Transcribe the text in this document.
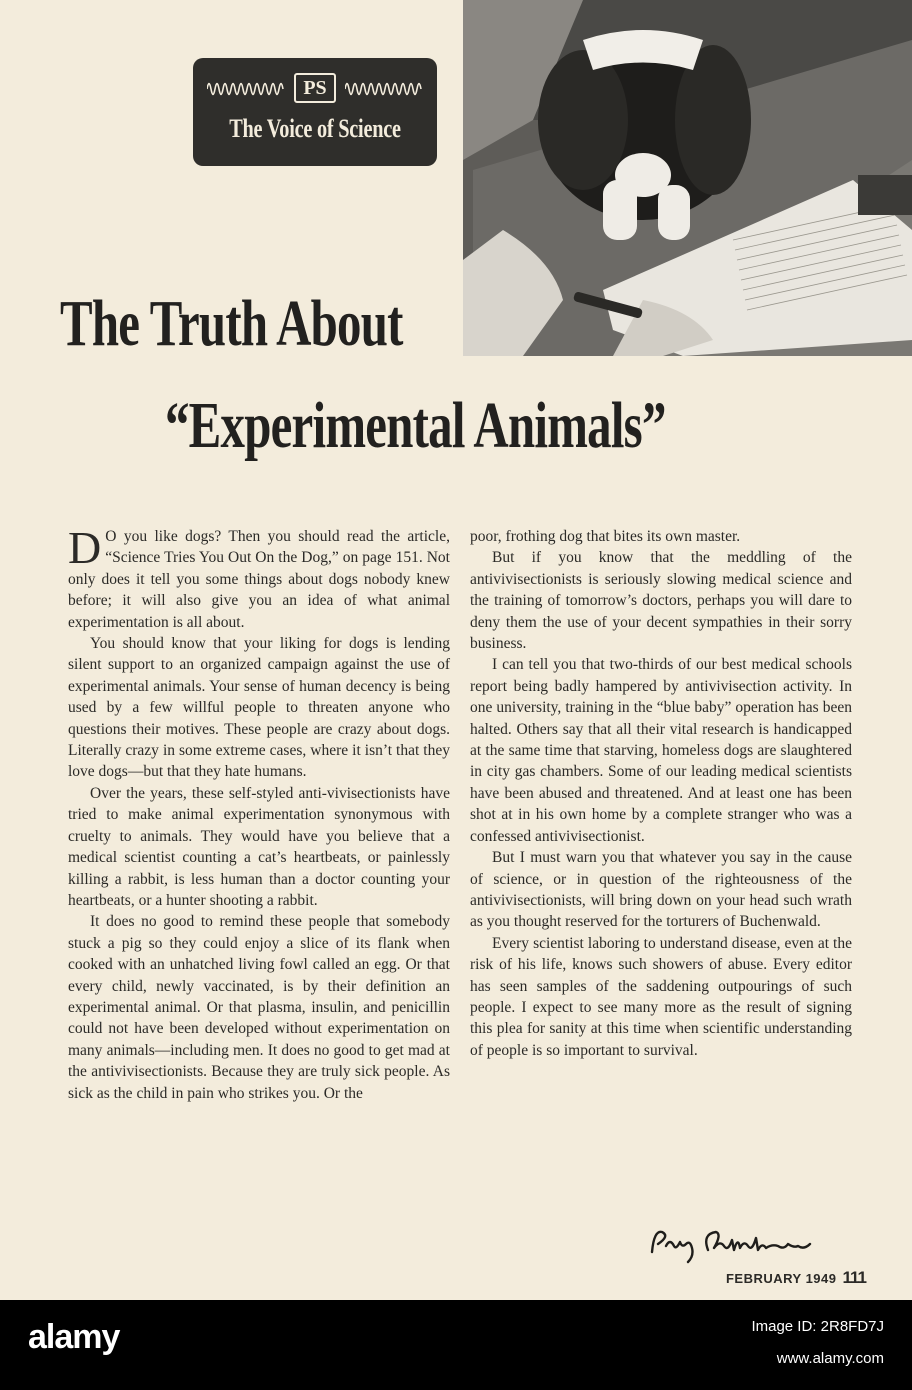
PS
The Voice of Science
The Truth About
“Experimental Animals”

D O you like dogs? Then you should read the article, “Science Tries You Out On the Dog,” on page 151. Not only does it tell you some things about dogs nobody knew before; it will also give you an idea of what animal experimentation is all about.

You should know that your liking for dogs is lending silent support to an organized campaign against the use of experimental animals. Your sense of human decency is being used by a few willful people to threaten anyone who questions their motives. These people are crazy about dogs. Literally crazy in some extreme cases, where it isn’t that they love dogs—but that they hate humans.

Over the years, these self-styled anti-vivisectionists have tried to make animal experimentation synonymous with cruelty to animals. They would have you believe that a medical scientist counting a cat’s heartbeats, or painlessly killing a rabbit, is less human than a doctor counting your heartbeats, or a hunter shooting a rabbit.

It does no good to remind these people that somebody stuck a pig so they could enjoy a slice of its flank when cooked with an unhatched living fowl called an egg. Or that every child, newly vaccinated, is by their definition an experimental animal. Or that plasma, insulin, and penicillin could not have been developed without experimentation on many animals—including men. It does no good to get mad at the antivivisectionists. Because they are truly sick people. As sick as the child in pain who strikes you. Or the

poor, frothing dog that bites its own master.

But if you know that the meddling of the antivivisectionists is seriously slowing medical science and the training of tomorrow’s doctors, perhaps you will dare to deny them the use of your decent sympathies in their sorry business.

I can tell you that two-thirds of our best medical schools report being badly hampered by antivivisection activity. In one university, training in the “blue baby” operation has been halted. Others say that all their vital research is handicapped at the same time that starving, homeless dogs are slaughtered in city gas chambers. Some of our leading medical scientists have been abused and threatened. And at least one has been shot at in his own home by a complete stranger who was a confessed antivivisectionist.

But I must warn you that whatever you say in the cause of science, or in question of the righteousness of the antivivisectionists, will bring down on your head such wrath as you thought reserved for the torturers of Buchenwald.

Every scientist laboring to understand disease, even at the risk of his life, knows such showers of abuse. Every editor has seen samples of the saddening outpourings of such people. I expect to see many more as the result of signing this plea for sanity at this time when scientific understanding of people is so important to survival.

FEBRUARY 1949 111
alamy	Image ID: 2R8FD7J
www.alamy.com
